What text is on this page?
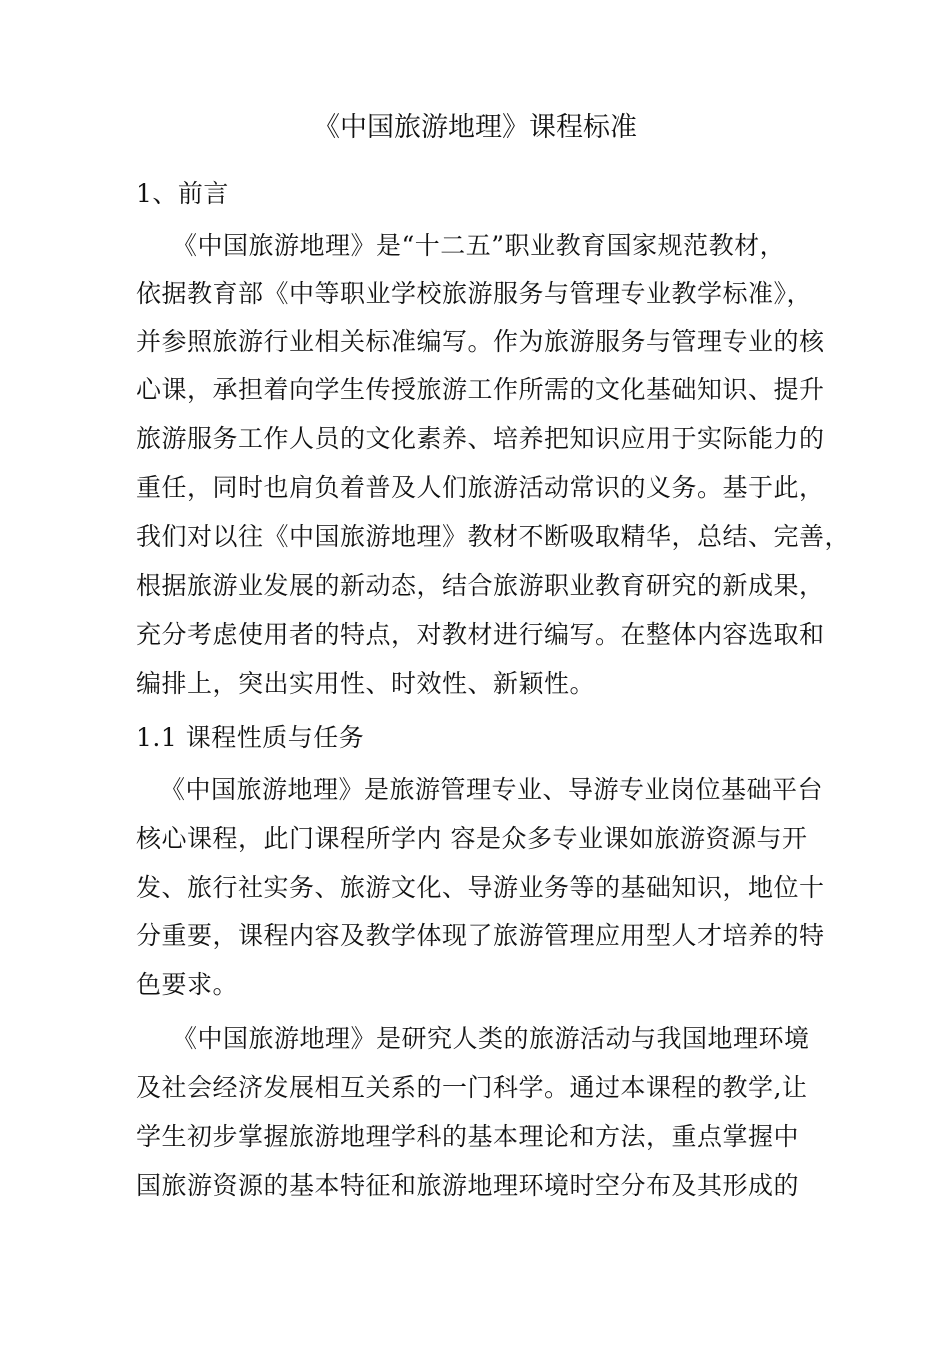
《中国旅游地理》课程标准
1、前言
《中国旅游地理》是“十二五”职业教育国家规范教材，
依据教育部《中等职业学校旅游服务与管理专业教学标准》，
并参照旅游行业相关标准编写。作为旅游服务与管理专业的核
心课，承担着向学生传授旅游工作所需的文化基础知识、提升
旅游服务工作人员的文化素养、培养把知识应用于实际能力的
重任，同时也肩负着普及人们旅游活动常识的义务。基于此，
我们对以往《中国旅游地理》教材不断吸取精华，总结、完善，
根据旅游业发展的新动态，结合旅游职业教育研究的新成果，
充分考虑使用者的特点，对教材进行编写。在整体内容选取和
编排上，突出实用性、时效性、新颖性。
1.1 课程性质与任务
《中国旅游地理》是旅游管理专业、导游专业岗位基础平台
核心课程，此门课程所学内 容是众多专业课如旅游资源与开
发、旅行社实务、旅游文化、导游业务等的基础知识，地位十
分重要，课程内容及教学体现了旅游管理应用型人才培养的特
色要求。
《中国旅游地理》是研究人类的旅游活动与我国地理环境
及社会经济发展相互关系的一门科学。通过本课程的教学,让
学生初步掌握旅游地理学科的基本理论和方法，重点掌握中
国旅游资源的基本特征和旅游地理环境时空分布及其形成的
